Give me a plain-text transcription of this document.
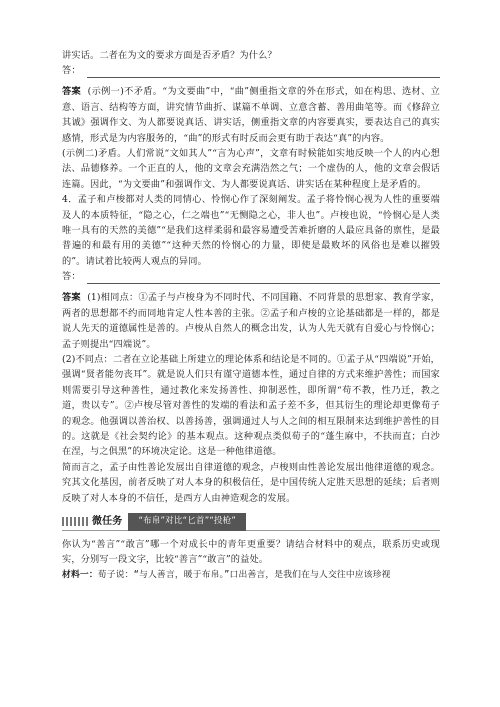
讲实话。二者在为文的要求方面是否矛盾？为什么？

答：

答案 (示例一)不矛盾。“为文要曲”中，“曲”侧重指文章的外在形式，如在构思、选材、立意、语言、结构等方面，讲究情节曲折、谋篇不单调、立意含蓄、善用曲笔等。而《修辞立其诚》强调作文、为人都要说真话、讲实话，侧重指文章的内容要真实，要表达自己的真实感情，形式是为内容服务的，“曲”的形式有时反而会更有助于表达“真”的内容。

(示例二)矛盾。人们常说“文如其人”“言为心声”，文章有时候能如实地反映一个人的内心想法、品德修养。一个正直的人，他的文章会充满浩然之气；一个虚伪的人，他的文章会假话连篇。因此，“为文要曲”和强调作文、为人都要说真话、讲实话在某种程度上是矛盾的。

4．孟子和卢梭都对人类的同情心、怜悯心作了深刻阐发。孟子将怜悯心视为人性的重要端及人的本质特征，“隐之心，仁之端也”“无恻隐之心，非人也”。卢梭也说，“怜悯心是人类唯一具有的天然的美德”“是我们这样柔弱和最容易遭受苦难折磨的人最应具备的禀性，是最普遍的和最有用的美德”“这种天然的怜悯心的力量，即使是最败坏的风俗也是难以摧毁的”。请试着比较两人观点的异同。

答：

答案 (1)相同点：①孟子与卢梭身为不同时代、不同国籍、不同背景的思想家、教育学家，两者的思想都不约而同地肯定人性本善的主张。②孟子和卢梭的立论基础都是一样的，都是说人先天的道德属性是善的。卢梭从自然人的概念出发，认为人先天就有自爱心与怜悯心；孟子则提出“四端说”。

(2)不同点：二者在立论基础上所建立的理论体系和结论是不同的。①孟子从“四端说”开始，强调“贤者能勿丧耳”。就是说人们只有谨守道德本性，通过自律的方式来维护善性；而国家则需要引导这种善性，通过教化来发扬善性、抑制恶性，即所谓“苟不教，性乃迁，教之道，贵以专”。②卢梭尽管对善性的发端的看法和孟子差不多，但其衍生的理论却更像荀子的观念。他强调以善治权、以善扬善，强调通过人与人之间的相互限制来达到维护善性的目的。这就是《社会契约论》的基本观点。这种观点类似荀子的“蓬生麻中，不扶而直；白沙在涅，与之俱黑”的环境决定论。这是一种他律道德。

简而言之，孟子由性善论发展出自律道德的观念，卢梭则由性善论发展出他律道德的观念。究其文化基因，前者反映了对人本身的积极信任，是中国传统人定胜天思想的延续；后者则反映了对人本身的不信任，是西方人由神造观念的发展。

微任务	“布帛”对比“匕首”“投枪”

你认为“善言”“敢言”哪一个对成长中的青年更重要？请结合材料中的观点，联系历史或现实，分别写一段文字，比较“善言”“敢言”的益处。

材料一：荀子说：“与人善言，暖于布帛。”口出善言，是我们在与人交往中应该珍视
